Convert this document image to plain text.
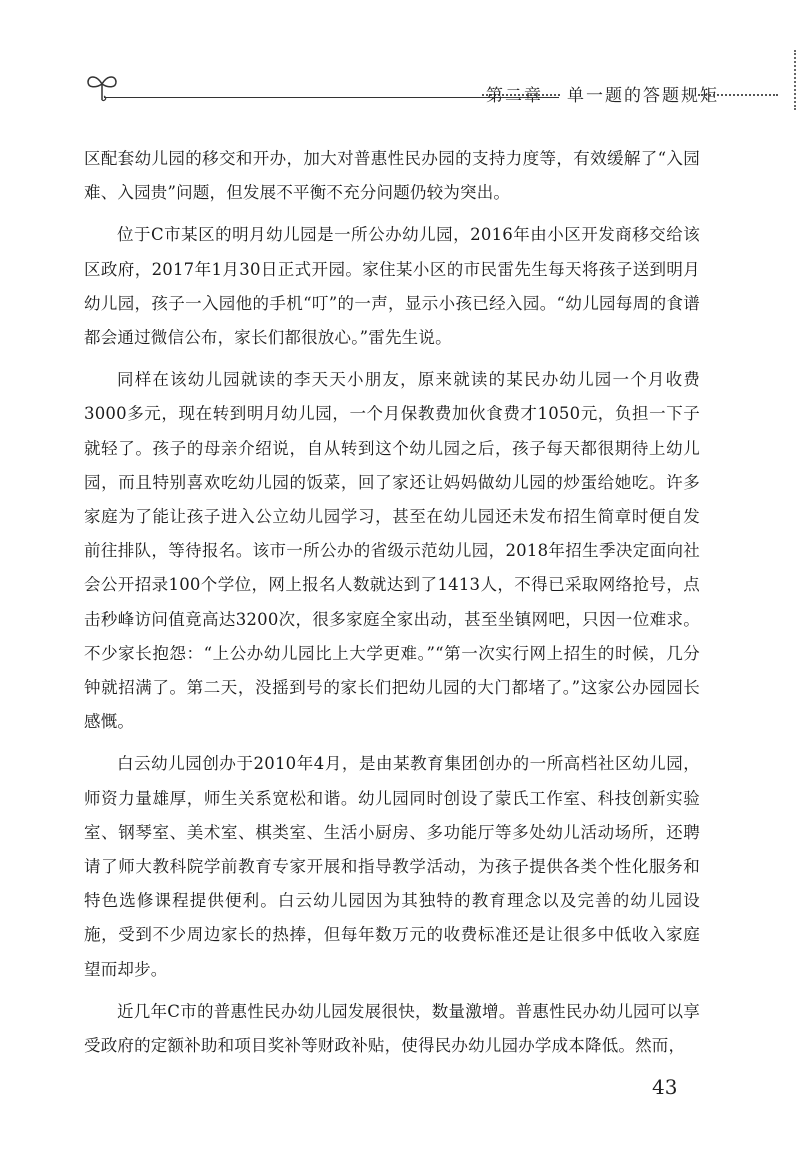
第二章 单一题的答题规矩

区配套幼儿园的移交和开办，加大对普惠性民办园的支持力度等，有效缓解了“入园难、入园贵”问题，但发展不平衡不充分问题仍较为突出。

位于C市某区的明月幼儿园是一所公办幼儿园，2016年由小区开发商移交给该区政府，2017年1月30日正式开园。家住某小区的市民雷先生每天将孩子送到明月幼儿园，孩子一入园他的手机“叮”的一声，显示小孩已经入园。“幼儿园每周的食谱都会通过微信公布，家长们都很放心。”雷先生说。

同样在该幼儿园就读的李天天小朋友，原来就读的某民办幼儿园一个月收费3000多元，现在转到明月幼儿园，一个月保教费加伙食费才1050元，负担一下子就轻了。孩子的母亲介绍说，自从转到这个幼儿园之后，孩子每天都很期待上幼儿园，而且特别喜欢吃幼儿园的饭菜，回了家还让妈妈做幼儿园的炒蛋给她吃。许多家庭为了能让孩子进入公立幼儿园学习，甚至在幼儿园还未发布招生简章时便自发前往排队，等待报名。该市一所公办的省级示范幼儿园，2018年招生季决定面向社会公开招录100个学位，网上报名人数就达到了1413人，不得已采取网络抢号，点击秒峰访问值竟高达3200次，很多家庭全家出动，甚至坐镇网吧，只因一位难求。不少家长抱怨：“上公办幼儿园比上大学更难。”“第一次实行网上招生的时候，几分钟就招满了。第二天，没摇到号的家长们把幼儿园的大门都堵了。”这家公办园园长感慨。

白云幼儿园创办于2010年4月，是由某教育集团创办的一所高档社区幼儿园，师资力量雄厚，师生关系宽松和谐。幼儿园同时创设了蒙氏工作室、科技创新实验室、钢琴室、美术室、棋类室、生活小厨房、多功能厅等多处幼儿活动场所，还聘请了师大教科院学前教育专家开展和指导教学活动，为孩子提供各类个性化服务和特色选修课程提供便利。白云幼儿园因为其独特的教育理念以及完善的幼儿园设施，受到不少周边家长的热捧，但每年数万元的收费标准还是让很多中低收入家庭望而却步。

近几年C市的普惠性民办幼儿园发展很快，数量激增。普惠性民办幼儿园可以享受政府的定额补助和项目奖补等财政补贴，使得民办幼儿园办学成本降低。然而，

43
